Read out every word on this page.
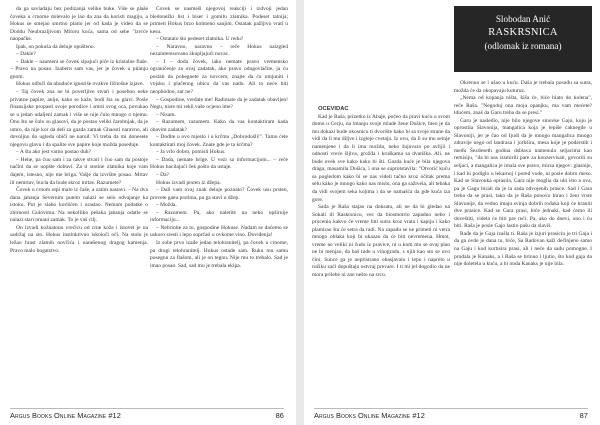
da ga savladaju bez podizanja velike buke. Više se plaše čoveka u crnome dolevalo je lao da zna da koristi magiju, a Hokus se smejao smrtno platio jer od kada je video da se Doddu Neubrazljivom Miloru kuća, sama od sebe "izvrće naopačke.

Ipak, on pokušа da deluje opušteno.

– Dakle?

– Dakle – naumeni se čovek sipajući piće iz kristalne flaše. – Pravo na posao. Izaberи sam vas, jer je čovek u pitanju gnom.

Hokus odluči da ubuduće ignoriše ovakve ličnošne izjave.

– Taj čovek zna ne bi poverljive stvari i posebno neke privatne papire, anije, kako se kaže, bodi šta su glavi. Posle finansijske propasti svoje porodice i smrti svog oca, povukao se u jedan udaljeni zamak i više se nije čulo mnogo o njemu. Ono što se čulo su glasovi, da je postao veliki čarobnjak, da je umro, da nije kor da deli za gazda zamak Ghaosti naravno, ali dovoljno do ugleda običi ne naroil. Vi treba da mi donesete njegovu glavu i da spalite sve papire koje možda poseduje.

– A šta ako jest varno postao duh?

– Hehe, pa čuo sam i za takve stvari i čuo sam da postoje načini da se uopšte dobuvi. Za ti stotine zlatnika koje vam dajem, istesno, nije me briga. Vašje da izvršite posao. Mrtav ili nemrtav, bucla da bude skroz mrtav. Razumete?

Čovek u crnom otpi malo iz čaše, a zatim nastavi. – Na dva dana jahanja Severnim putem nalazi se selo odvajanje ka istoku. Put je slabo korišćen i urastao. Nemam podatke o zbirnosti Gulovima. Na nekolliko pešaka jahanja odatle se nalazi stari omani zamak. To je vaš cilj.

On izvadi kožnatonu vrećicu od crne kože i istovet je na sadržaj na sto. Hokus instinktivno iskoloči oči. Na stolu je ležao hrast zlatnih novčića i nanešenog dragog kamenja. Pravo malo bogatstvo.

Čovek se nasmeši njegovoj reakciji i izdvoji jedan bledonežki list i biser i gomilu zlatnika. Podeset talnija; primeti Hokus brzo kolmeno sanjim. Ostatak pažljivo vrati u kesu.

– Ostatalo što pedeset zlatnika. U redu?

– Naravno, naravno – reče Hokus naizgled nezainteresovano skupljajući novac.

– I – doda čovek, iako nemate pravo vremensko ograničenje za ovaj zadatak, ako pravo odugovlačite, ja ću poslati da pobegnete za novcem, znajte da ću umjuniti i vojsku i plačenog ubicu da vas nadu. Ali to neće biti neophodno, zar ne?

– Gospodine, vređate me! Radimate da je zadatak obavljen! Negu, niste mi rekli vaše ocjeno ime?

– Nisam.

– Razumem, razumem. Kako da vas kontaktiram kada obavim zadatak?

– Dodite u ovo mjesto i u krčmu „Dobrodošli!". Tamo ćete kontaktirati moj čovek. Znate gde je ta krčma?

– Ja vrlo dobro, pomisli Hokus.

– Dada, nemate brige. U vezi sa informacijom... – reče Hokus bacilajući ček pošto da ustaje.

– Da?

Hokus izvadi prsten iz džepa.

– Dali vam ovaj znak deluje poznato? Čovek usu prsten, provete gaeu prstima, pa ga stavi u džep.

– Možda.

– Razumem. Pa, ako naletite na neko opširnije informaciju...

– Nebrinite za to, gospodine Hokuse. Nadam se daćemo se uskoro sresti i lepo soprčati u ovkome vino. Doviđenja!

Iz sobe prvo izađe jedan telohranitelj, pa čovek u crnome, pa drugi telohranitelj. Hokus ostade sam. Ruku mu samu posegnu za flašom, ali je on tegnu. Nije mu to trebalo. Sad je imao posao. Sad, sad mu je trebala ekipa.

Argus Books Online Magazine #12	86
Slobodan Anić
RASKRSNICA
(odlomak iz romana)

OČEVIDAC

Kad je Raša, prizetko iz Abaje, počeo da pravi kuću u svom domu u Cerju, na imanju svoje mlade žene Dušice, hteo je da mu dokazi bude okosnicu ti dvorište kako bi sa svoje strane da vidi da li mu diljve i izgleje cvetaju. Iz ovu, da li su mu seinje namenjene i da li ima možda, neko šujuvara po avlijii i odnosti vreće šljiva, grožđa i kruškama sa dvatiška. Ali, ne bude uvek sve kako kako bi šti. Gazda kuće je bila njegova draga, masamila Dušica, i ona se suprotstavila: "Otvorić kuću sa pogledom kako bi se nas videli tačno kroz očitak prema selu kako je mnogo kako nas mislu, ona ga saživela, ali tebaka da vidi svojem seka kojima i da se namašća da gde kuća iza gore.

Sada je Raša stajao na doksatu, ali ne da bi gledao na Sokali ili Raskrsnicu, vec da biosmotrio zapadno nebo i procenio kakvo će vreme biti sutra kroz vrata i kapiju i kako plamirao šta će setra da radi. Na zapadu se ne primeti ni vetra mnogo oblaka koji bi ukazao da će biti nevremena. Hmot, vreme ne veliki ni čudo iz pravice, ni u kom mu se ovaj plan ne bi menjao, da baš tude u vinogradu, s njih kao sto se ovo čini. Sunce ga je nepristrano obasjavalo i lepo i naprelo u ružiku zaći dopuštaju ostvraj prevare. I ti mi jel dogodio da ne mora prilebe ni zne nešto na srcu.

Okrenuo se i ušao u kuću. Daša je trebala posuđu sa sutra, možda će da okopavaju kuturuz.

„Nema od kopanja ništa, kiša će, biće blato do kolena", reče Raša. "Negoduj ona moja opanjku, ma vam mećete? idućem, znaš da Garu treba da se presi."

Garu je nasledio, nije bilo njegove sinovke Gajo, koju je oprostila Slavonija, mangalica koja je lepiše ćaknegde u Slavoniji, jer je čao od Ijudi da je mnogo mangalica mnogo zdravije nego od landrasa i jorkšira, mesa koje je poderstih i među Šezdeseth godina dsblava namenula seljacima kao remisiju, "da bi nas izsmirili pare za konzervisati, govorili su seljaci, a mangalica je imala sve pravo, mirsa njegov: glasnije, i kad bi podiglo u lekarnoj i pored vode, ni posle dobro meso. Kad se Slavonka oprasila, Gara nije moglia da ubi isto a ova, pa je Gagu birali da je ta sada odvojenih prasce. Sad i Gara treba da se prasi, tako da je Raša ponovo birao i ženi vrste Slavonije, da vedno imaju svinja dobrih rođaka koji će hraniti dve prasice. Kad se Gara prasi, biće jednaki, kad ćemo ili doveštiti, videla će biti pre reći. Pa, ako do dnevi, ono i ću biti. Raša je posle Gajo lastio pašu da slaviš.

Rađe da je Gaja izašla ti. Raša je izjuri prasiciu je tri Gaja i da ga ovde je dana tu, biće, Sa Radovan kaži dečinjeno samo na Gaju i kod kurtisira prasi, ali i neće da sadu pomogne. I prodala je Kanaks, a i Raša se brinuo i ljutio, što kod gaja da nije doletela u kuću, a bi onda Kanaks je nije bila.

Argus Books Online Magazine #12	87
